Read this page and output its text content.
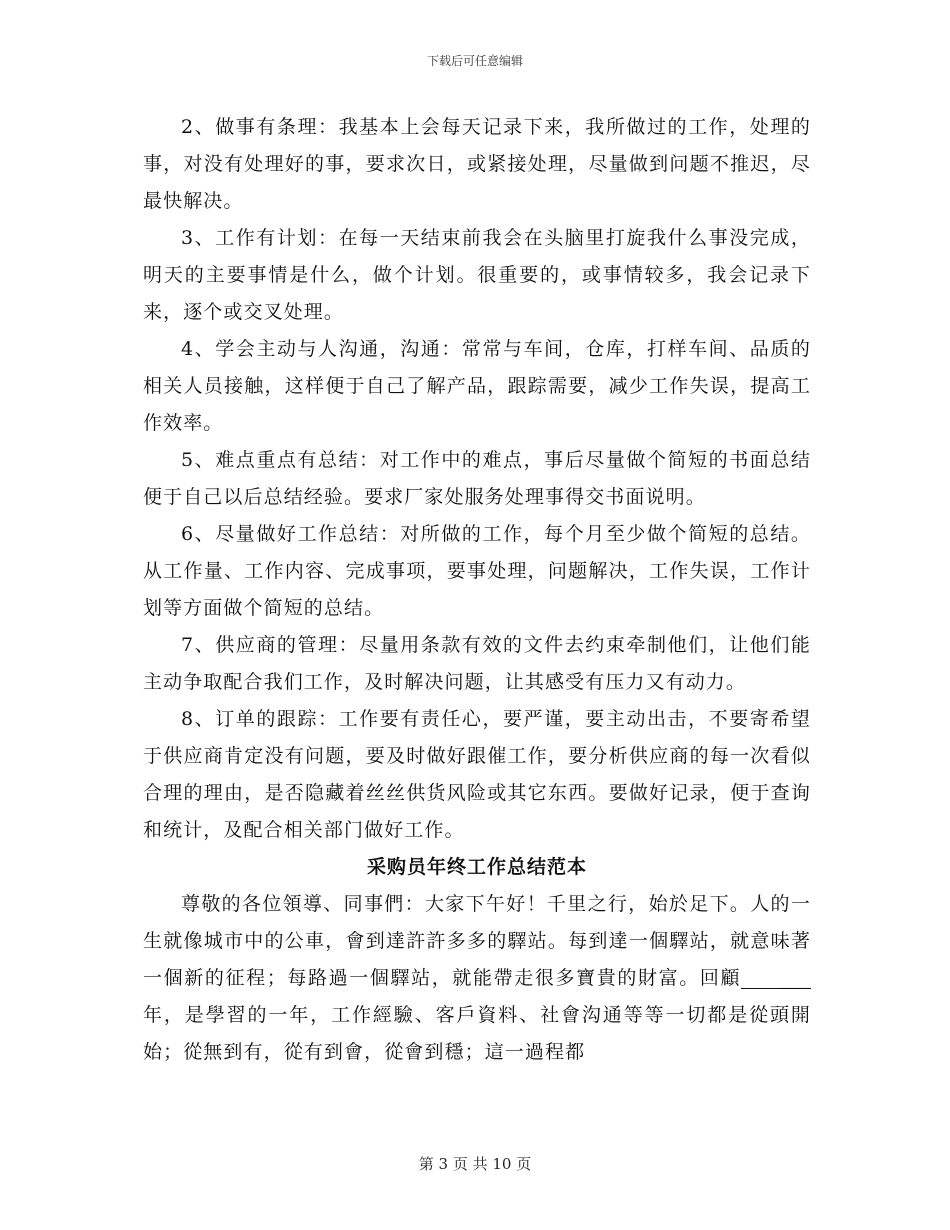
下载后可任意编辑

2、做事有条理：我基本上会每天记录下来，我所做过的工作，处理的事，对没有处理好的事，要求次日，或紧接处理，尽量做到问题不推迟，尽最快解决。

3、工作有计划：在每一天结束前我会在头脑里打旋我什么事没完成，明天的主要事情是什么，做个计划。很重要的，或事情较多，我会记录下来，逐个或交叉处理。

4、学会主动与人沟通，沟通：常常与车间，仓库，打样车间、品质的相关人员接触，这样便于自己了解产品，跟踪需要，减少工作失误，提高工作效率。

5、难点重点有总结：对工作中的难点，事后尽量做个简短的书面总结便于自己以后总结经验。要求厂家处服务处理事得交书面说明。

6、尽量做好工作总结：对所做的工作，每个月至少做个简短的总结。从工作量、工作内容、完成事项，要事处理，问题解决，工作失误，工作计划等方面做个简短的总结。

7、供应商的管理：尽量用条款有效的文件去约束牵制他们，让他们能主动争取配合我们工作，及时解决问题，让其感受有压力又有动力。

8、订单的跟踪：工作要有责任心，要严谨，要主动出击，不要寄希望于供应商肯定没有问题，要及时做好跟催工作，要分析供应商的每一次看似合理的理由，是否隐藏着丝丝供货风险或其它东西。要做好记录，便于查询和统计，及配合相关部门做好工作。

采购员年终工作总结范本

尊敬的各位領導、同事們：大家下午好！千里之行，始於足下。人的一生就像城市中的公車，會到達許許多多的驛站。每到達一個驛站，就意味著一個新的征程；每路過一個驛站，就能帶走很多寶貴的財富。回顧 ___年，是學習的一年，工作經驗、客戶資料、社會沟通等等一切都是從頭開始；從無到有，從有到會，從會到穩；這一過程都

第 3 页 共 10 页
